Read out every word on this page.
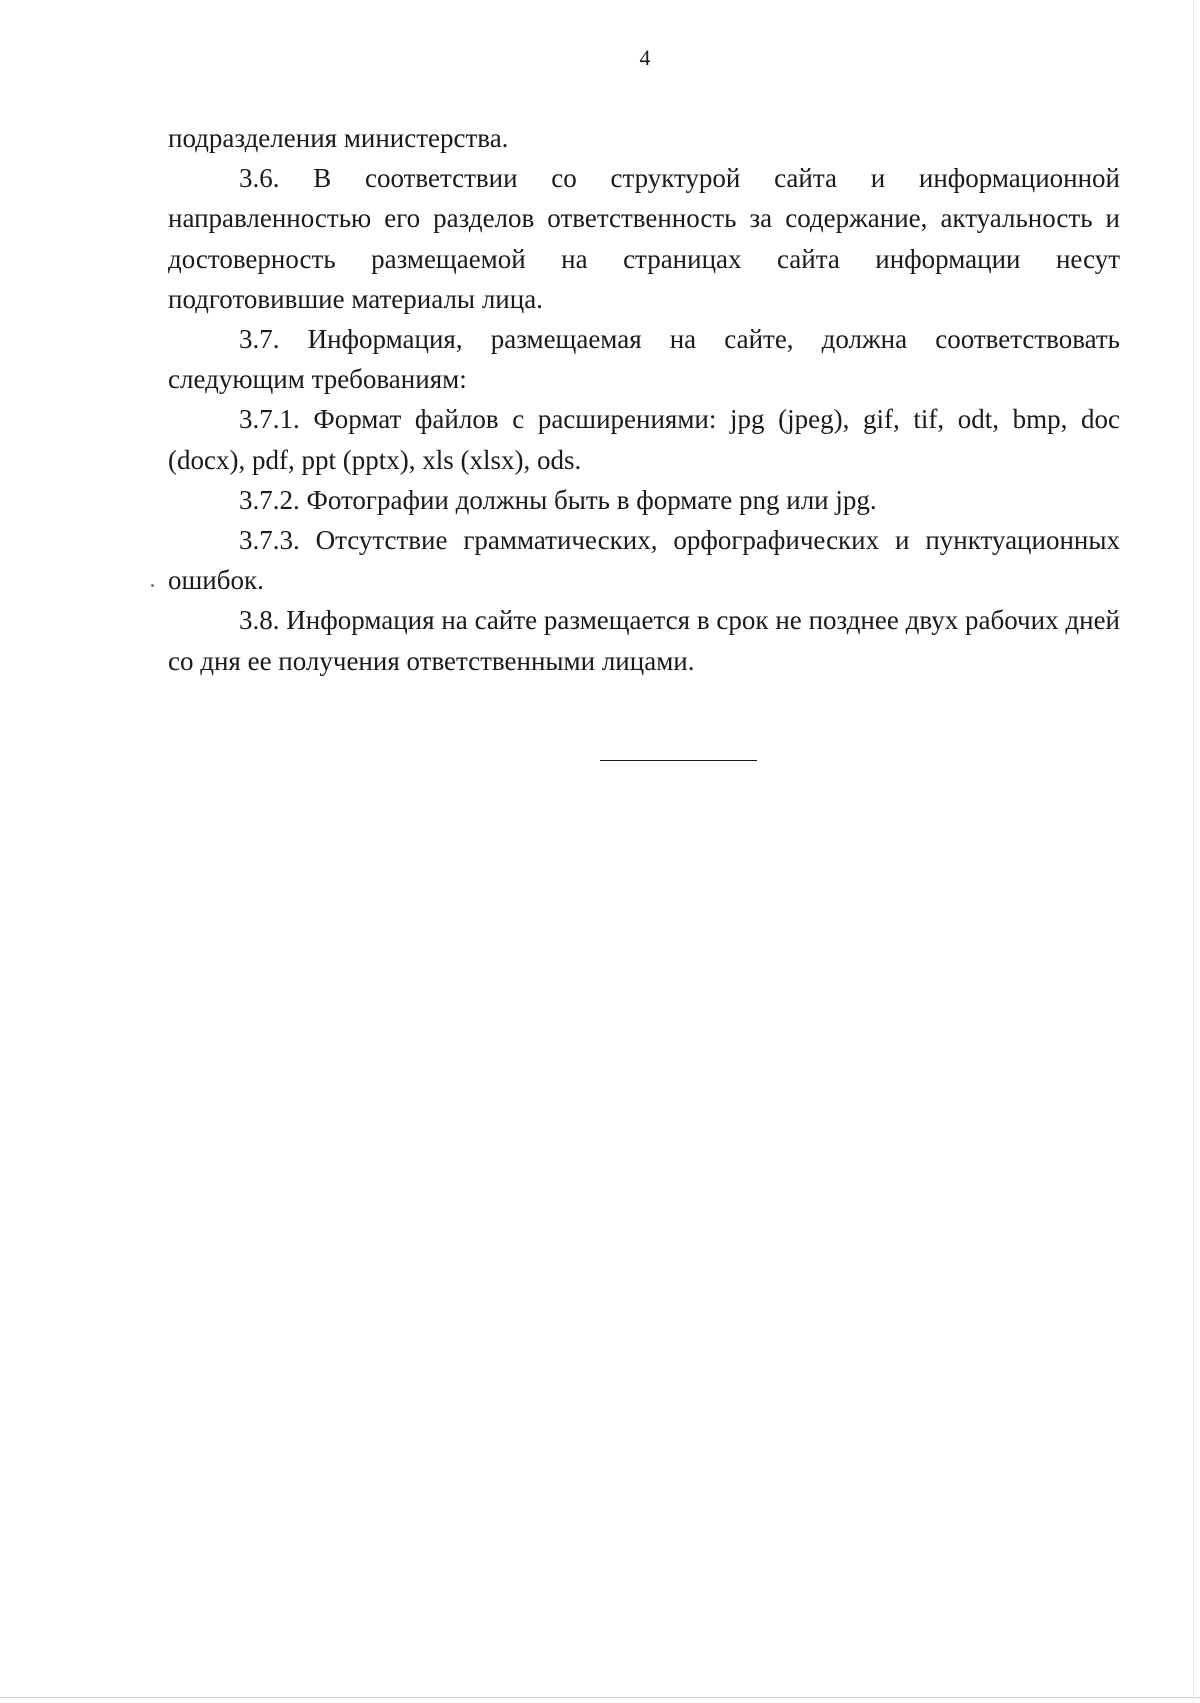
4

подразделения министерства.

3.6. В соответствии со структурой сайта и информационной направленностью его разделов ответственность за содержание, актуальность и достоверность размещаемой на страницах сайта информации несут подготовившие материалы лица.

3.7. Информация, размещаемая на сайте, должна соответствовать следующим требованиям:

3.7.1. Формат файлов с расширениями: jpg (jpeg), gif, tif, odt, bmp, doc (docx), pdf, ppt (pptx), xls (xlsx), ods.

3.7.2. Фотографии должны быть в формате png или jpg.

3.7.3. Отсутствие грамматических, орфографических и пунктуационных ошибок.

3.8. Информация на сайте размещается в срок не позднее двух рабочих дней со дня ее получения ответственными лицами.
